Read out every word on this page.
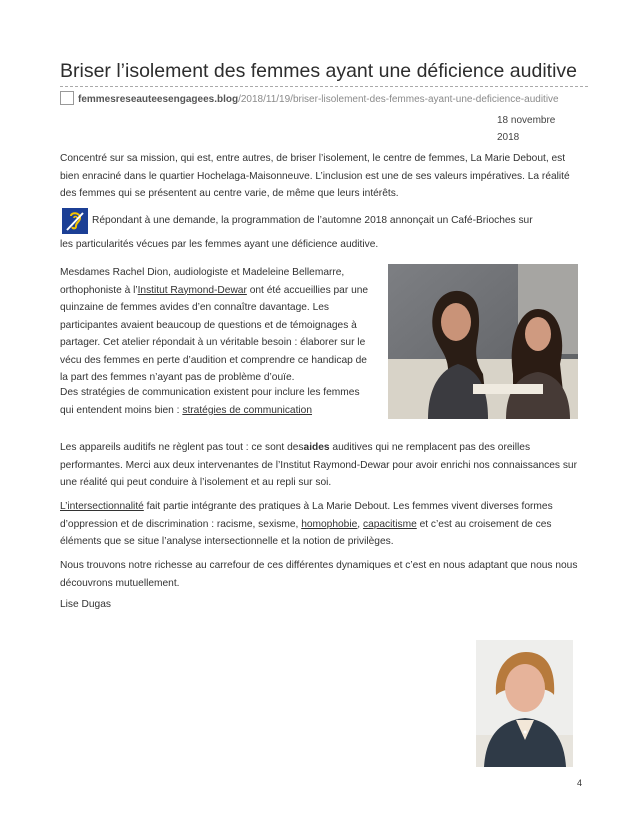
Briser l’isolement des femmes ayant une déficience auditive
femmesreseauteesengagees.blog/2018/11/19/briser-lisolement-des-femmes-ayant-une-deficience-auditive
18 novembre
2018

Concentré sur sa mission, qui est, entre autres, de briser l’isolement, le centre de femmes, La Marie Debout, est bien enraciné dans le quartier Hochelaga-Maisonneuve. L’inclusion est une de ses valeurs impératives. La réalité des femmes qui se présentent au centre varie, de même que leurs intérêts.

Répondant à une demande, la programmation de l’automne 2018 annonçait un Café-Brioches sur

les particularités vécues par les femmes ayant une déficience auditive.

Mesdames Rachel Dion, audiologiste et Madeleine Bellemarre, orthophoniste à l’Institut Raymond-Dewar ont été accueillies par une quinzaine de femmes avides d’en connaître davantage. Les participantes avaient beaucoup de questions et de témoignages à partager. Cet atelier répondait à un véritable besoin : élaborer sur le vécu des femmes en perte d’audition et comprendre ce handicap de la part des femmes n’ayant pas de problème d’ouïe.

Des stratégies de communication existent pour inclure les femmes qui entendent moins bien : stratégies de communication

Les appareils auditifs ne règlent pas tout : ce sont desaides auditives qui ne remplacent pas des oreilles performantes. Merci aux deux intervenantes de l’Institut Raymond-Dewar pour avoir enrichi nos connaissances sur une réalité qui peut conduire à l’isolement et au repli sur soi.

L’intersectionnalité fait partie intégrante des pratiques à La Marie Debout. Les femmes vivent diverses formes d’oppression et de discrimination : racisme, sexisme, homophobie, capacitisme et c’est au croisement de ces éléments que se situe l’analyse intersectionnelle et la notion de privilèges.

Nous trouvons notre richesse au carrefour de ces différentes dynamiques et c’est en nous adaptant que nous nous découvrons mutuellement.

Lise Dugas

4
